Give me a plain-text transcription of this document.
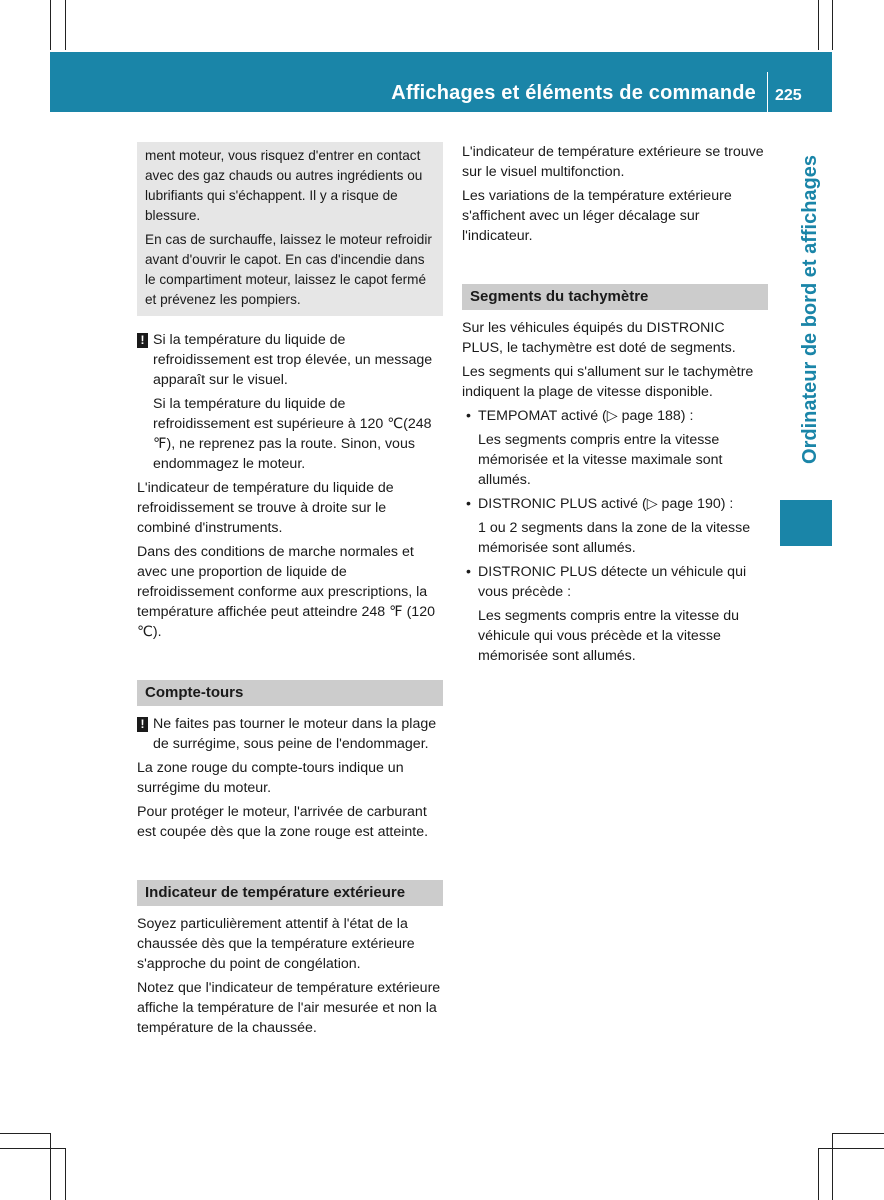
Affichages et éléments de commande 225
Ordinateur de bord et affichages

ment moteur, vous risquez d'entrer en contact avec des gaz chauds ou autres ingrédients ou lubrifiants qui s'échappent. Il y a risque de blessure.

En cas de surchauffe, laissez le moteur refroidir avant d'ouvrir le capot. En cas d'incendie dans le compartiment moteur, laissez le capot fermé et prévenez les pompiers.

! Si la température du liquide de refroidissement est trop élevée, un message apparaît sur le visuel.

Si la température du liquide de refroidissement est supérieure à 120 ℃(248 ℉), ne reprenez pas la route. Sinon, vous endommagez le moteur.

L'indicateur de température du liquide de refroidissement se trouve à droite sur le combiné d'instruments.

Dans des conditions de marche normales et avec une proportion de liquide de refroidissement conforme aux prescriptions, la température affichée peut atteindre 248 ℉ (120 ℃).

Compte-tours
! Ne faites pas tourner le moteur dans la plage de surrégime, sous peine de l'endommager.

La zone rouge du compte-tours indique un surrégime du moteur.

Pour protéger le moteur, l'arrivée de carburant est coupée dès que la zone rouge est atteinte.

Indicateur de température extérieure

Soyez particulièrement attentif à l'état de la chaussée dès que la température extérieure s'approche du point de congélation.

Notez que l'indicateur de température extérieure affiche la température de l'air mesurée et non la température de la chaussée.

L'indicateur de température extérieure se trouve sur le visuel multifonction.

Les variations de la température extérieure s'affichent avec un léger décalage sur l'indicateur.

Segments du tachymètre

Sur les véhicules équipés du DISTRONIC PLUS, le tachymètre est doté de segments.

Les segments qui s'allument sur le tachymètre indiquent la plage de vitesse disponible.

• TEMPOMAT activé (▷ page 188) :

Les segments compris entre la vitesse mémorisée et la vitesse maximale sont allumés.

• DISTRONIC PLUS activé (▷ page 190) :

1 ou 2 segments dans la zone de la vitesse mémorisée sont allumés.

• DISTRONIC PLUS détecte un véhicule qui vous précède :

Les segments compris entre la vitesse du véhicule qui vous précède et la vitesse mémorisée sont allumés.
